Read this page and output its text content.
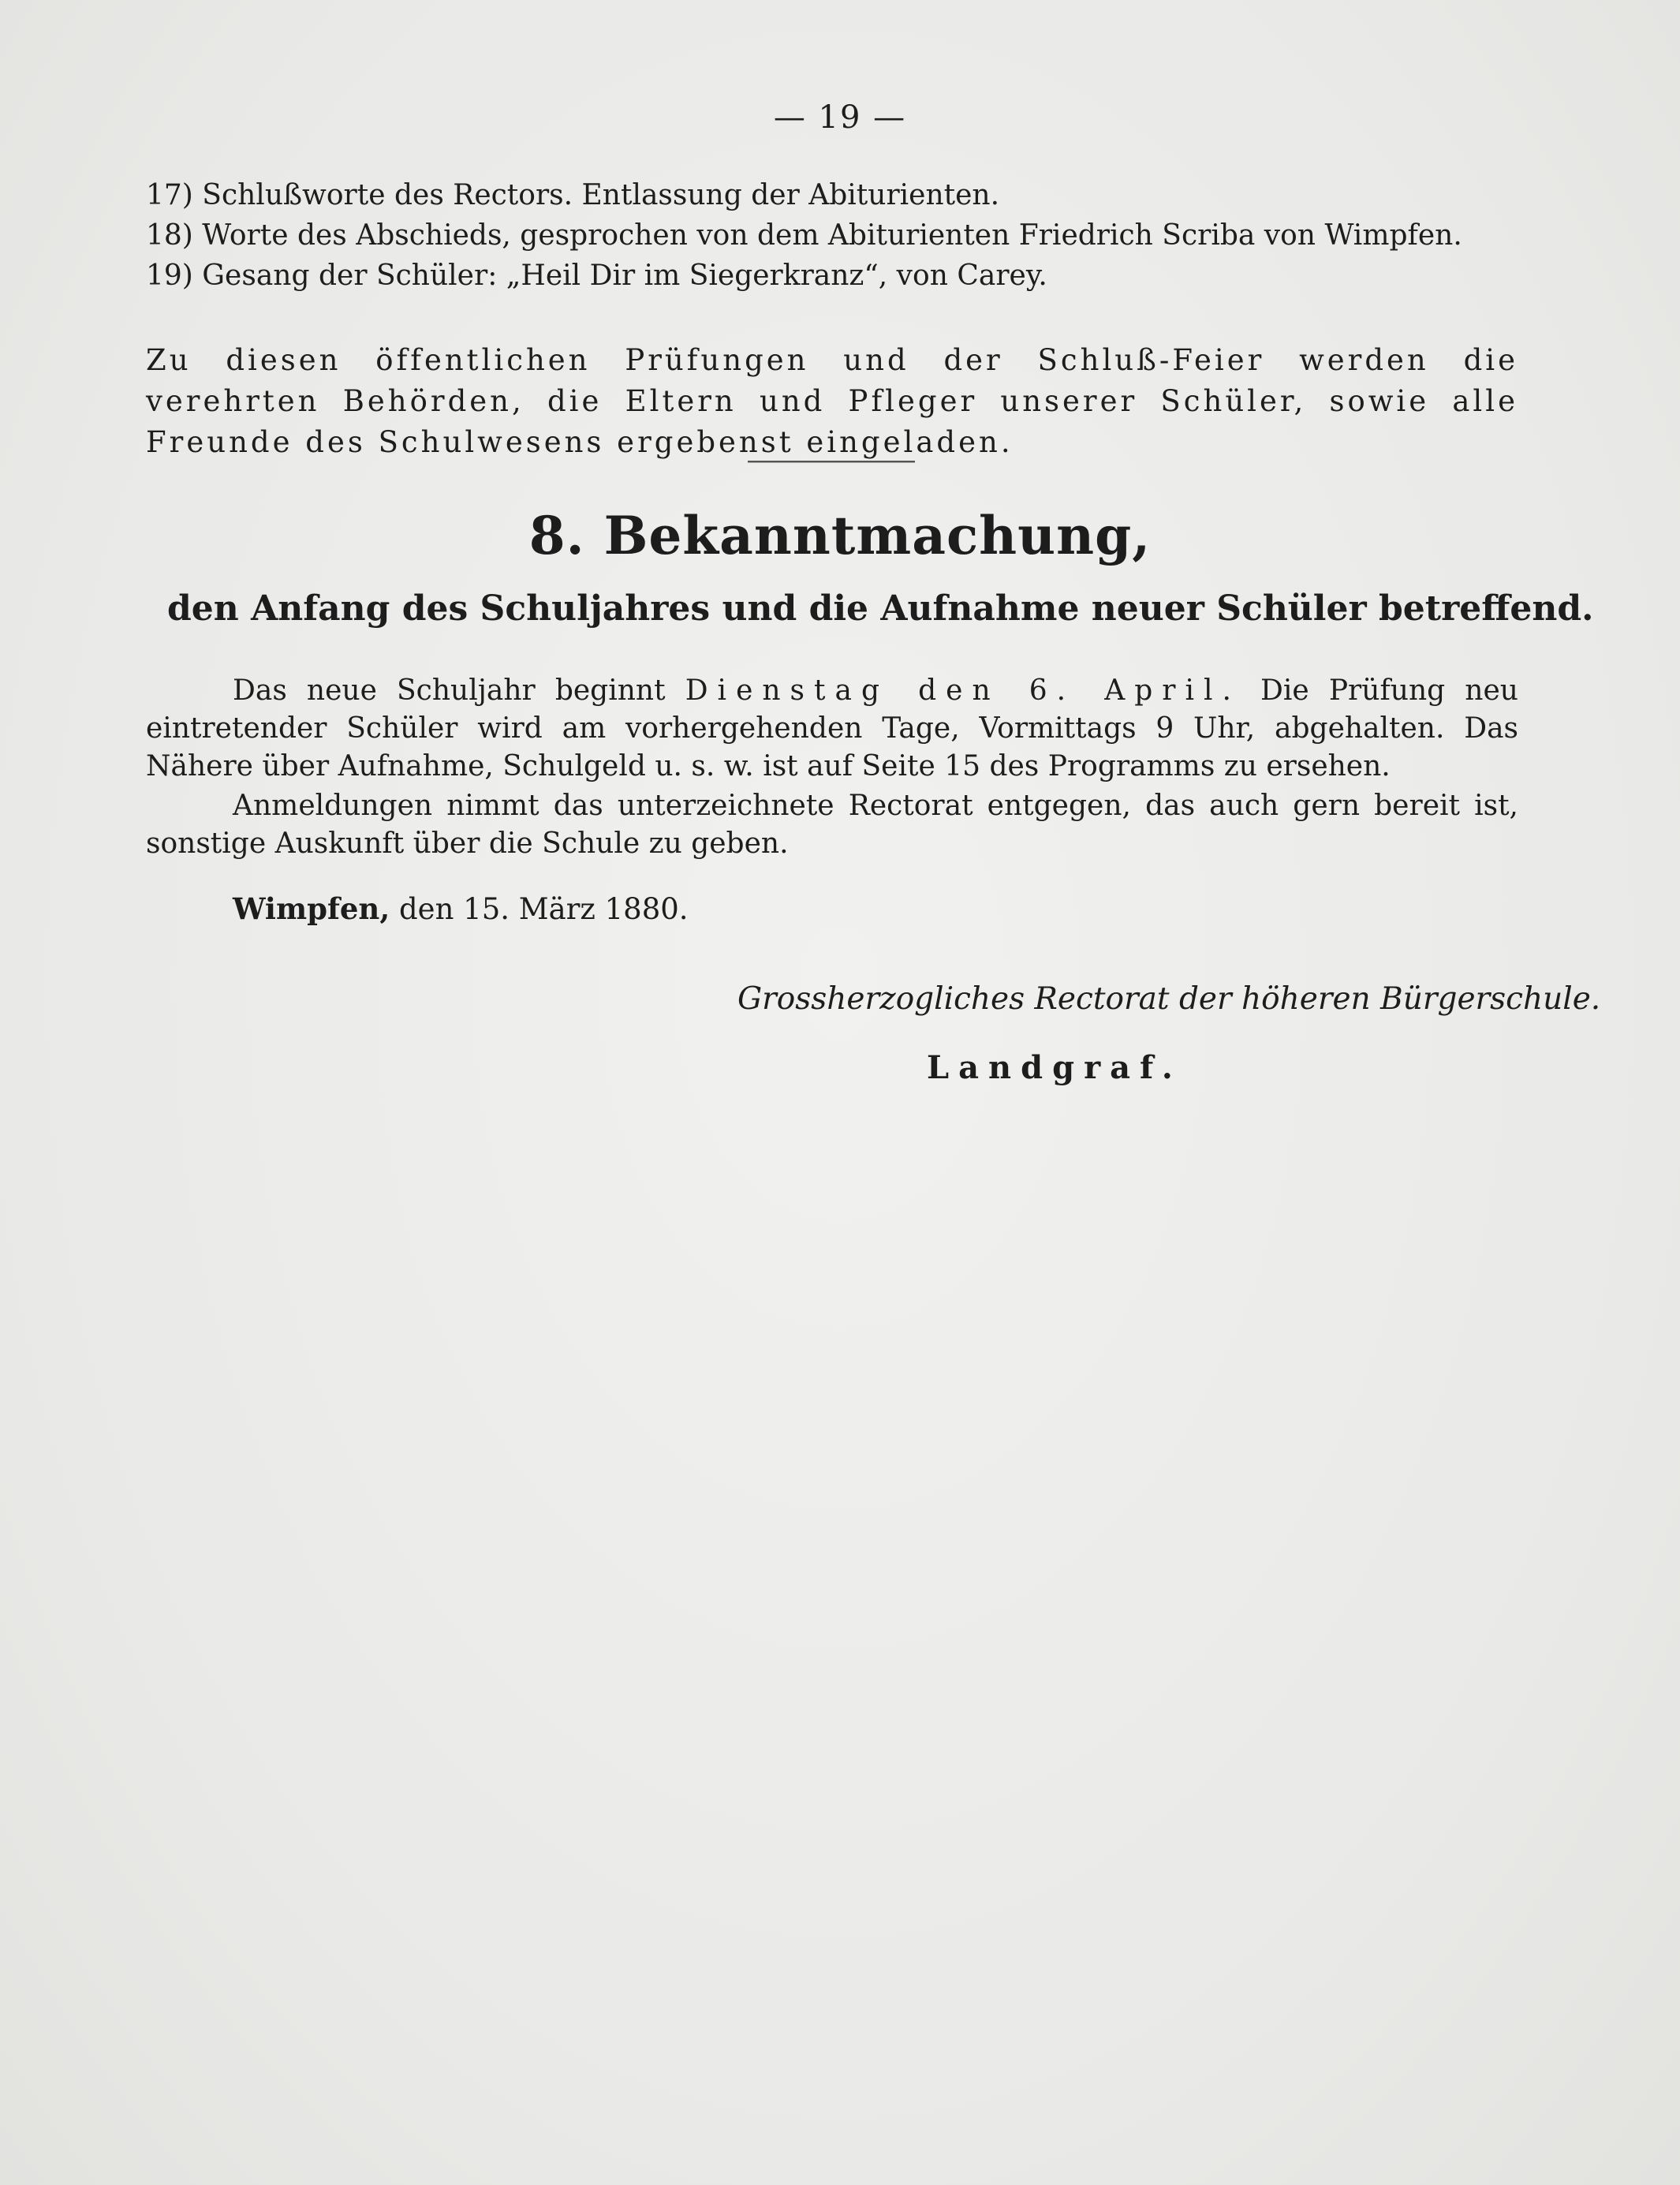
— 19 —
17) Schlußworte des Rectors. Entlassung der Abiturienten.
18) Worte des Abschieds, gesprochen von dem Abiturienten Friedrich Scriba von Wimpfen.
19) Gesang der Schüler: „Heil Dir im Siegerkranz“, von Carey.

Zu diesen öffentlichen Prüfungen und der Schluß-Feier werden die verehrten Behörden, die Eltern und Pfleger unserer Schüler, sowie alle Freunde des Schulwesens ergebenst eingeladen.

8. Bekanntmachung,
den Anfang des Schuljahres und die Aufnahme neuer Schüler betreffend.

Das neue Schuljahr beginnt Dienstag den 6. April. Die Prüfung neu eintretender Schüler wird am vorhergehenden Tage, Vormittags 9 Uhr, abgehalten. Das Nähere über Aufnahme, Schulgeld u. s. w. ist auf Seite 15 des Programms zu ersehen.

Anmeldungen nimmt das unterzeichnete Rectorat entgegen, das auch gern bereit ist, sonstige Auskunft über die Schule zu geben.

Wimpfen, den 15. März 1880.
Grossherzogliches Rectorat der höheren Bürgerschule.
Landgraf.
